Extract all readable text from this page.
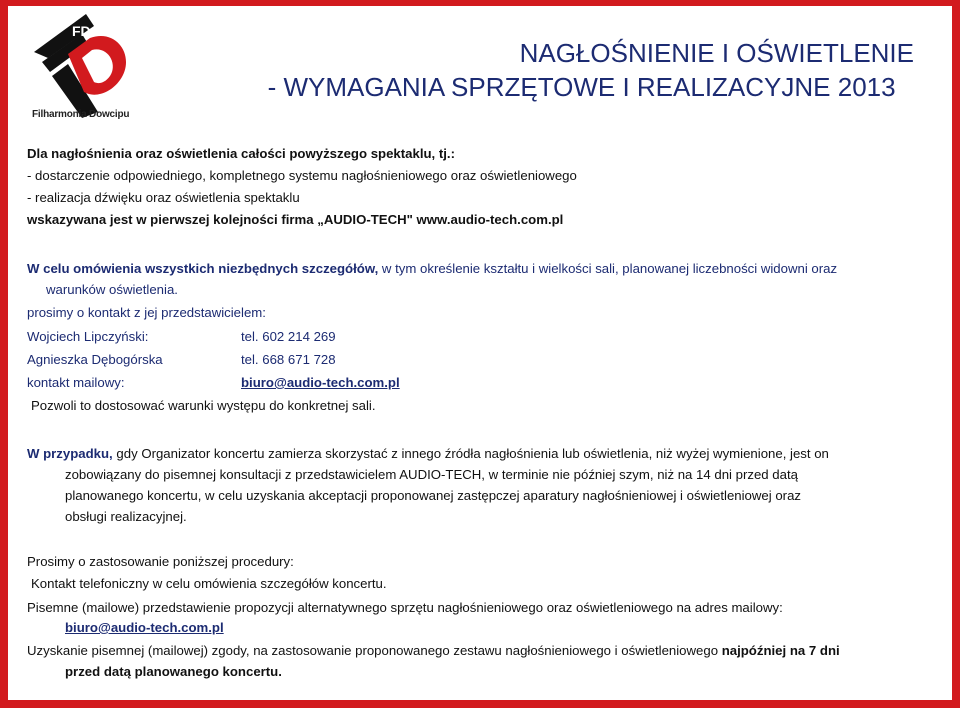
FD
Filharmonia Dowcipu
NAGŁOŚNIENIE I OŚWIETLENIE
- WYMAGANIA SPRZĘTOWE I REALIZACYJNE 2013
Dla nagłośnienia oraz oświetlenia całości powyższego spektaklu, tj.:
- dostarczenie odpowiedniego, kompletnego systemu nagłośnieniowego oraz oświetleniowego
- realizacja dźwięku oraz oświetlenia spektaklu
wskazywana jest w pierwszej kolejności firma „AUDIO-TECH" www.audio-tech.com.pl
W celu omówienia wszystkich niezbędnych szczegółów, w tym określenie kształtu i wielkości sali, planowanej liczebności widowni oraz
warunków oświetlenia.
prosimy o kontakt z jej przedstawicielem:
Wojciech Lipczyński:	tel. 602 214 269
Agnieszka Dębogórska	tel. 668 671 728
kontakt mailowy:	biuro@audio-tech.com.pl
Pozwoli to dostosować warunki występu do konkretnej sali.
W przypadku, gdy Organizator koncertu zamierza skorzystać z innego źródła nagłośnienia lub oświetlenia, niż wyżej wymienione, jest on
zobowiązany do pisemnej konsultacji z przedstawicielem AUDIO-TECH, w terminie nie później szym, niż na 14 dni przed datą
planowanego koncertu, w celu uzyskania akceptacji proponowanej zastępczej aparatury nagłośnieniowej i oświetleniowej oraz
obsługi realizacyjnej.
Prosimy o zastosowanie poniższej procedury:
Kontakt telefoniczny w celu omówienia szczegółów koncertu.
Pisemne (mailowe) przedstawienie propozycji alternatywnego sprzętu nagłośnieniowego oraz oświetleniowego na adres mailowy:
biuro@audio-tech.com.pl
Uzyskanie pisemnej (mailowej) zgody, na zastosowanie proponowanego zestawu nagłośnieniowego i oświetleniowego najpóźniej na 7 dni
przed datą planowanego koncertu.
